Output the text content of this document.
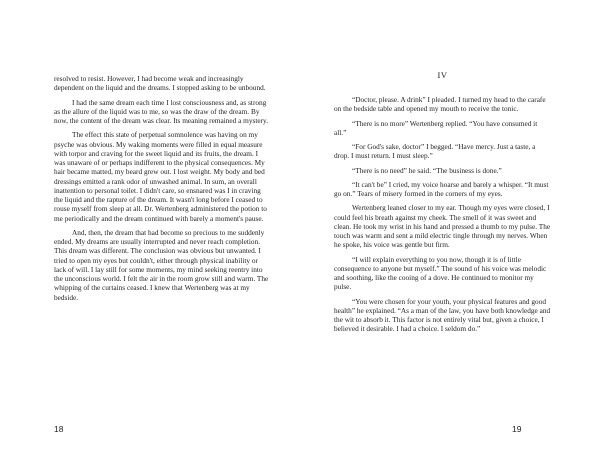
resolved to resist. However, I had become weak and increasingly dependent on the liquid and the dreams. I stopped asking to be unbound.

I had the same dream each time I lost consciousness and, as strong as the allure of the liquid was to me, so was the draw of the dream. By now, the content of the dream was clear. Its meaning remained a mystery.

The effect this state of perpetual somnolence was having on my psyche was obvious. My waking moments were filled in equal measure with torpor and craving for the sweet liquid and its fruits, the dream. I was unaware of or perhaps indifferent to the physical consequences. My hair became matted, my beard grew out. I lost weight. My body and bed dressings emitted a rank odor of unwashed animal. In sum, an overall inattention to personal toilet. I didn't care, so ensnared was I in craving the liquid and the rapture of the dream. It wasn't long before I ceased to rouse myself from sleep at all. Dr. Wertenberg administered the potion to me periodically and the dream continued with barely a moment's pause.

And, then, the dream that had become so precious to me suddenly ended. My dreams are usually interrupted and never reach completion. This dream was different. The conclusion was obvious but unwanted. I tried to open my eyes but couldn't, either through physical inability or lack of will. I lay still for some moments, my mind seeking reentry into the unconscious world. I felt the air in the room grow still and warm. The whipping of the curtains ceased. I knew that Wertenberg was at my bedside.

18
IV

“Doctor, please. A drink” I pleaded. I turned my head to the carafe on the bedside table and opened my mouth to receive the tonic.

“There is no more” Wertenberg replied. “You have consumed it all.”

“For God's sake, doctor” I begged. “Have mercy. Just a taste, a drop. I must return. I must sleep.”

“There is no need” he said. “The business is done.”

“It can't be” I cried, my voice hoarse and barely a whisper. “It must go on.” Tears of misery formed in the corners of my eyes.

Wertenberg leaned closer to my ear. Though my eyes were closed, I could feel his breath against my cheek. The smell of it was sweet and clean. He took my wrist in his hand and pressed a thumb to my pulse. The touch was warm and sent a mild electric tingle through my nerves. When he spoke, his voice was gentle but firm.

“I will explain everything to you now, though it is of little consequence to anyone but myself.” The sound of his voice was melodic and soothing, like the cooing of a dove. He continued to monitor my pulse.

“You were chosen for your youth, your physical features and good health” he explained. “As a man of the law, you have both knowledge and the wit to absorb it. This factor is not entirely vital but, given a choice, I believed it desirable. I had a choice. I seldom do.”

19
